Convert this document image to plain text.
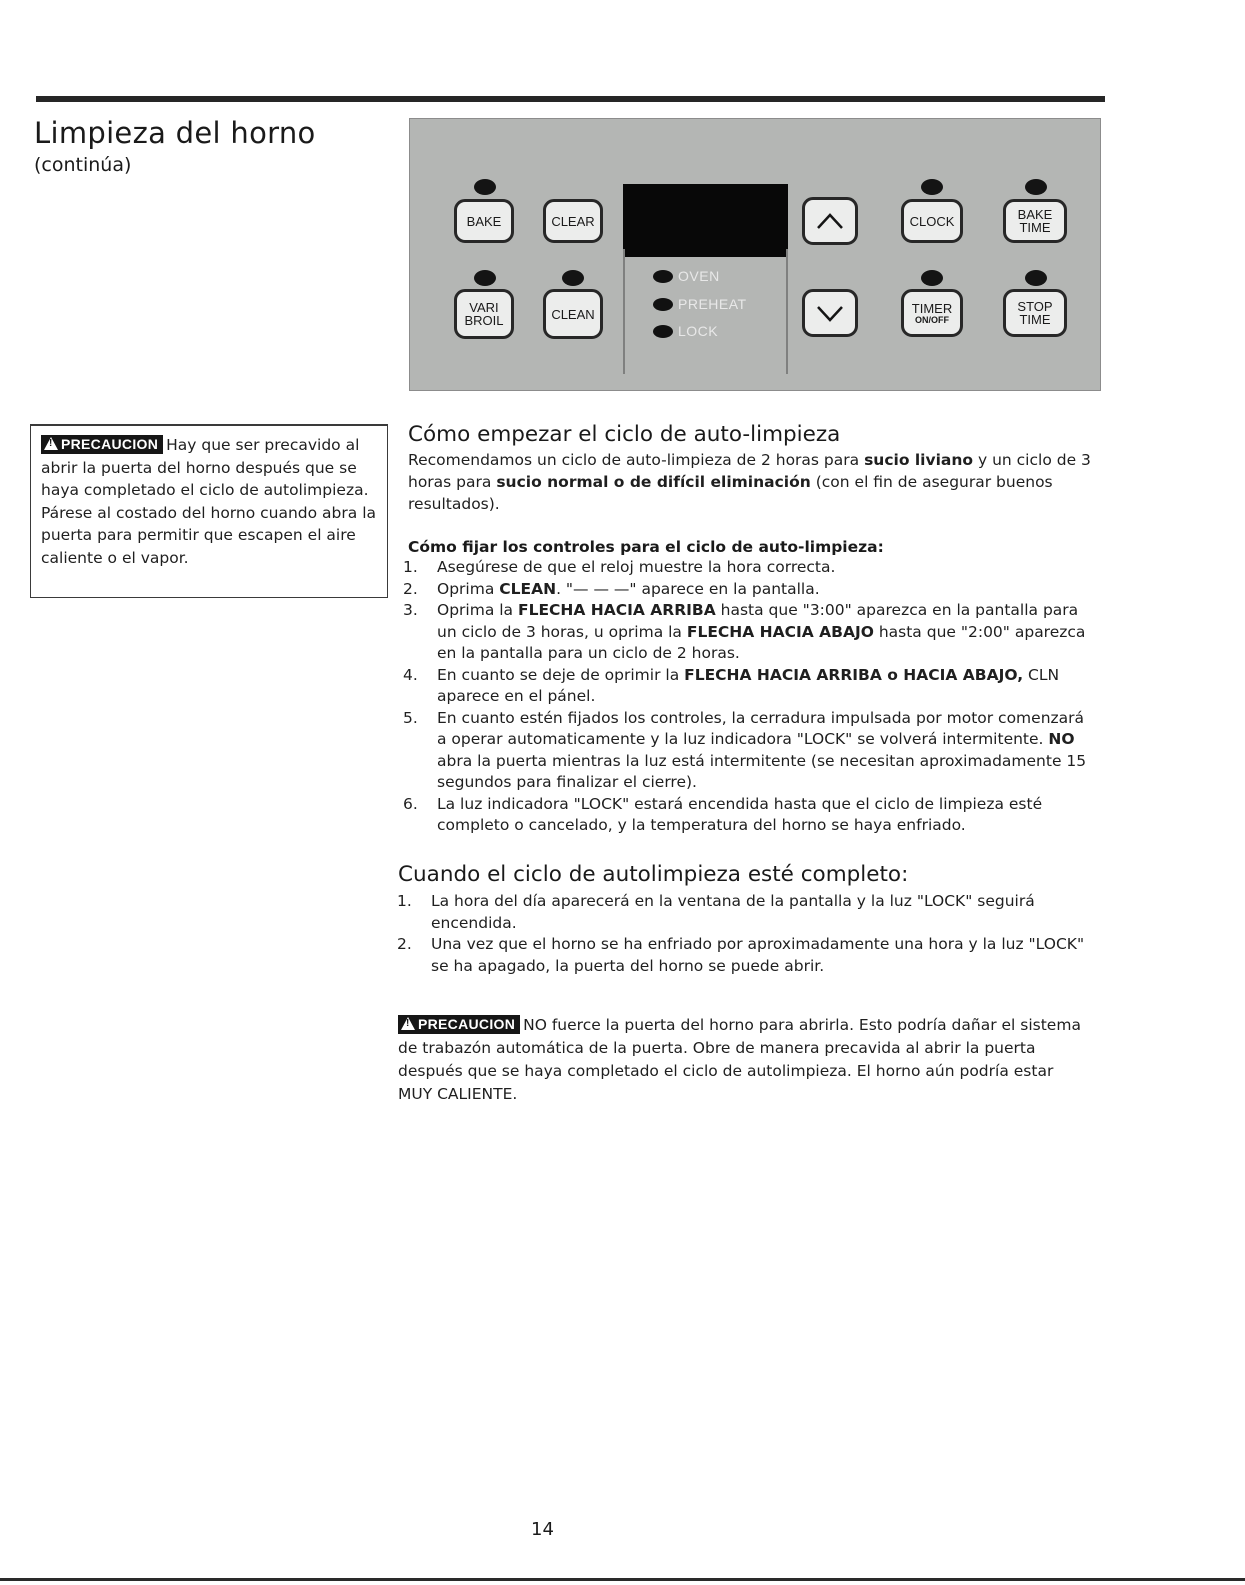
Limpieza del horno
(continúa)
BAKE	CLEAR
VARI
BROIL	CLEAN
OVEN
PREHEAT
LOCK
CLOCK	BAKE
TIME
TIMER
ON/OFF
STOP
TIME
!PRECAUCION Hay que ser precavido al abrir la puerta del horno después que se haya completado el ciclo de autolimpieza. Párese al costado del horno cuando abra la puerta para permitir que escapen el aire caliente o el vapor.
Cómo empezar el ciclo de auto-limpieza
Recomendamos un ciclo de auto-limpieza de 2 horas para sucio liviano y un ciclo de 3 horas para sucio normal o de difícil eliminación (con el fin de asegurar buenos resultados).
Cómo fijar los controles para el ciclo de auto-limpieza:
1. Asegúrese de que el reloj muestre la hora correcta.
2. Oprima CLEAN. "— — —" aparece en la pantalla.
3. Oprima la FLECHA HACIA ARRIBA hasta que "3:00" aparezca en la pantalla para un ciclo de 3 horas, u oprima la FLECHA HACIA ABAJO hasta que "2:00" aparezca en la pantalla para un ciclo de 2 horas.
4. En cuanto se deje de oprimir la FLECHA HACIA ARRIBA o HACIA ABAJO, CLN aparece en el pánel.
5. En cuanto estén fijados los controles, la cerradura impulsada por motor comenzará a operar automaticamente y la luz indicadora "LOCK" se volverá intermitente. NO abra la puerta mientras la luz está intermitente (se necesitan aproximadamente 15 segundos para finalizar el cierre).
6. La luz indicadora "LOCK" estará encendida hasta que el ciclo de limpieza esté completo o cancelado, y la temperatura del horno se haya enfriado.
Cuando el ciclo de autolimpieza esté completo:
1. La hora del día aparecerá en la ventana de la pantalla y la luz "LOCK" seguirá encendida.
2. Una vez que el horno se ha enfriado por aproximadamente una hora y la luz "LOCK" se ha apagado, la puerta del horno se puede abrir.
!PRECAUCION NO fuerce la puerta del horno para abrirla. Esto podría dañar el sistema de trabazón automática de la puerta. Obre de manera precavida al abrir la puerta después que se haya completado el ciclo de autolimpieza. El horno aún podría estar MUY CALIENTE.
14
